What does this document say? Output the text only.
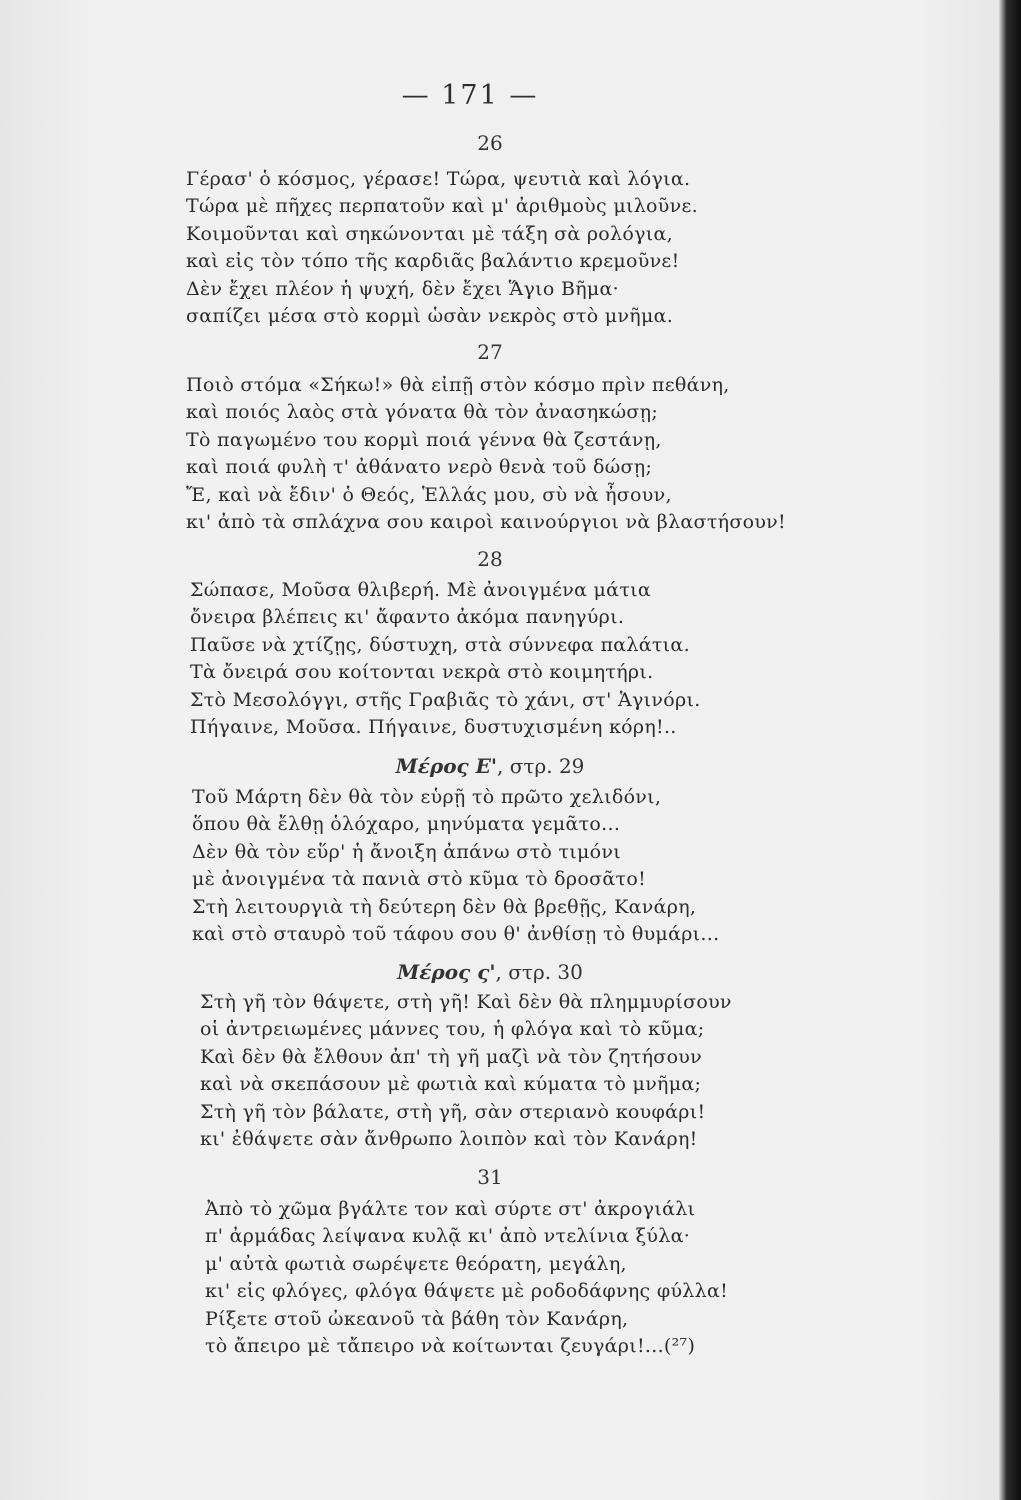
— 171 —
26
Γέρασ' ὁ κόσμος, γέρασε! Τώρα, ψευτιὰ καὶ λόγια.
Τώρα μὲ πῆχες περπατοῦν καὶ μ' ἀριθμοὺς μιλοῦνε.
Κοιμοῦνται καὶ σηκώνονται μὲ τάξη σὰ ρολόγια,
καὶ εἰς τὸν τόπο τῆς καρδιᾶς βαλάντιο κρεμοῦνε!
Δὲν ἔχει πλέον ἡ ψυχή, δὲν ἔχει Ἅγιο Βῆμα·
σαπίζει μέσα στὸ κορμὶ ὡσὰν νεκρὸς στὸ μνῆμα.
27
Ποιὸ στόμα «Σήκω!» θὰ εἰπῇ στὸν κόσμο πρὶν πεθάνη,
καὶ ποιός λαὸς στὰ γόνατα θὰ τὸν ἀνασηκώσῃ;
Τὸ παγωμένο του κορμὶ ποιά γέννα θὰ ζεστάνῃ,
καὶ ποιά φυλὴ τ' ἀθάνατο νερὸ θενὰ τοῦ δώσῃ;
Ἔ, καὶ νὰ ἔδιν' ὁ Θεός, Ἑλλάς μου, σὺ νὰ ἦσουν,
κι' ἀπὸ τὰ σπλάχνα σου καιροὶ καινούργιοι νὰ βλαστήσουν!
28
Σώπασε, Μοῦσα θλιβερή. Μὲ ἀνοιγμένα μάτια
ὄνειρα βλέπεις κι' ἄφαντο ἀκόμα πανηγύρι.
Παῦσε νὰ χτίζῃς, δύστυχη, στὰ σύννεφα παλάτια.
Τὰ ὄνειρά σου κοίτονται νεκρὰ στὸ κοιμητήρι.
Στὸ Μεσολόγγι, στῆς Γραβιᾶς τὸ χάνι, στ' Ἁγινόρι.
Πήγαινε, Μοῦσα. Πήγαινε, δυστυχισμένη κόρη!..
Μέρος Ε', στρ. 29
Τοῦ Μάρτη δὲν θὰ τὸν εὑρῇ τὸ πρῶτο χελιδόνι,
ὅπου θὰ ἔλθῃ ὁλόχαρο, μηνύματα γεμᾶτο...
Δὲν θὰ τὸν εὕρ' ἡ ἄνοιξη ἀπάνω στὸ τιμόνι
μὲ ἀνοιγμένα τὰ πανιὰ στὸ κῦμα τὸ δροσᾶτο!
Στὴ λειτουργιὰ τὴ δεύτερη δὲν θὰ βρεθῇς, Κανάρη,
καὶ στὸ σταυρὸ τοῦ τάφου σου θ' ἀνθίσῃ τὸ θυμάρι...
Μέρος ς', στρ. 30
Στὴ γῆ τὸν θάψετε, στὴ γῆ! Καὶ δὲν θὰ πλημμυρίσουν
οἱ ἀντρειωμένες μάννες του, ἡ φλόγα καὶ τὸ κῦμα;
Καὶ δὲν θὰ ἔλθουν ἀπ' τὴ γῆ μαζὶ νὰ τὸν ζητήσουν
καὶ νὰ σκεπάσουν μὲ φωτιὰ καὶ κύματα τὸ μνῆμα;
Στὴ γῆ τὸν βάλατε, στὴ γῆ, σὰν στεριανὸ κουφάρι!
κι' ἐθάψετε σὰν ἄνθρωπο λοιπὸν καὶ τὸν Κανάρη!
31
Ἀπὸ τὸ χῶμα βγάλτε τον καὶ σύρτε στ' ἀκρογιάλι
π' ἀρμάδας λείψανα κυλᾷ κι' ἀπὸ ντελίνια ξύλα·
μ' αὐτὰ φωτιὰ σωρέψετε θεόρατη, μεγάλη,
κι' εἰς φλόγες, φλόγα θάψετε μὲ ροδοδάφνης φύλλα!
Ρίξετε στοῦ ὠκεανοῦ τὰ βάθη τὸν Κανάρη,
τὸ ἄπειρο μὲ τἄπειρο νὰ κοίτωνται ζευγάρι!...(²⁷)
